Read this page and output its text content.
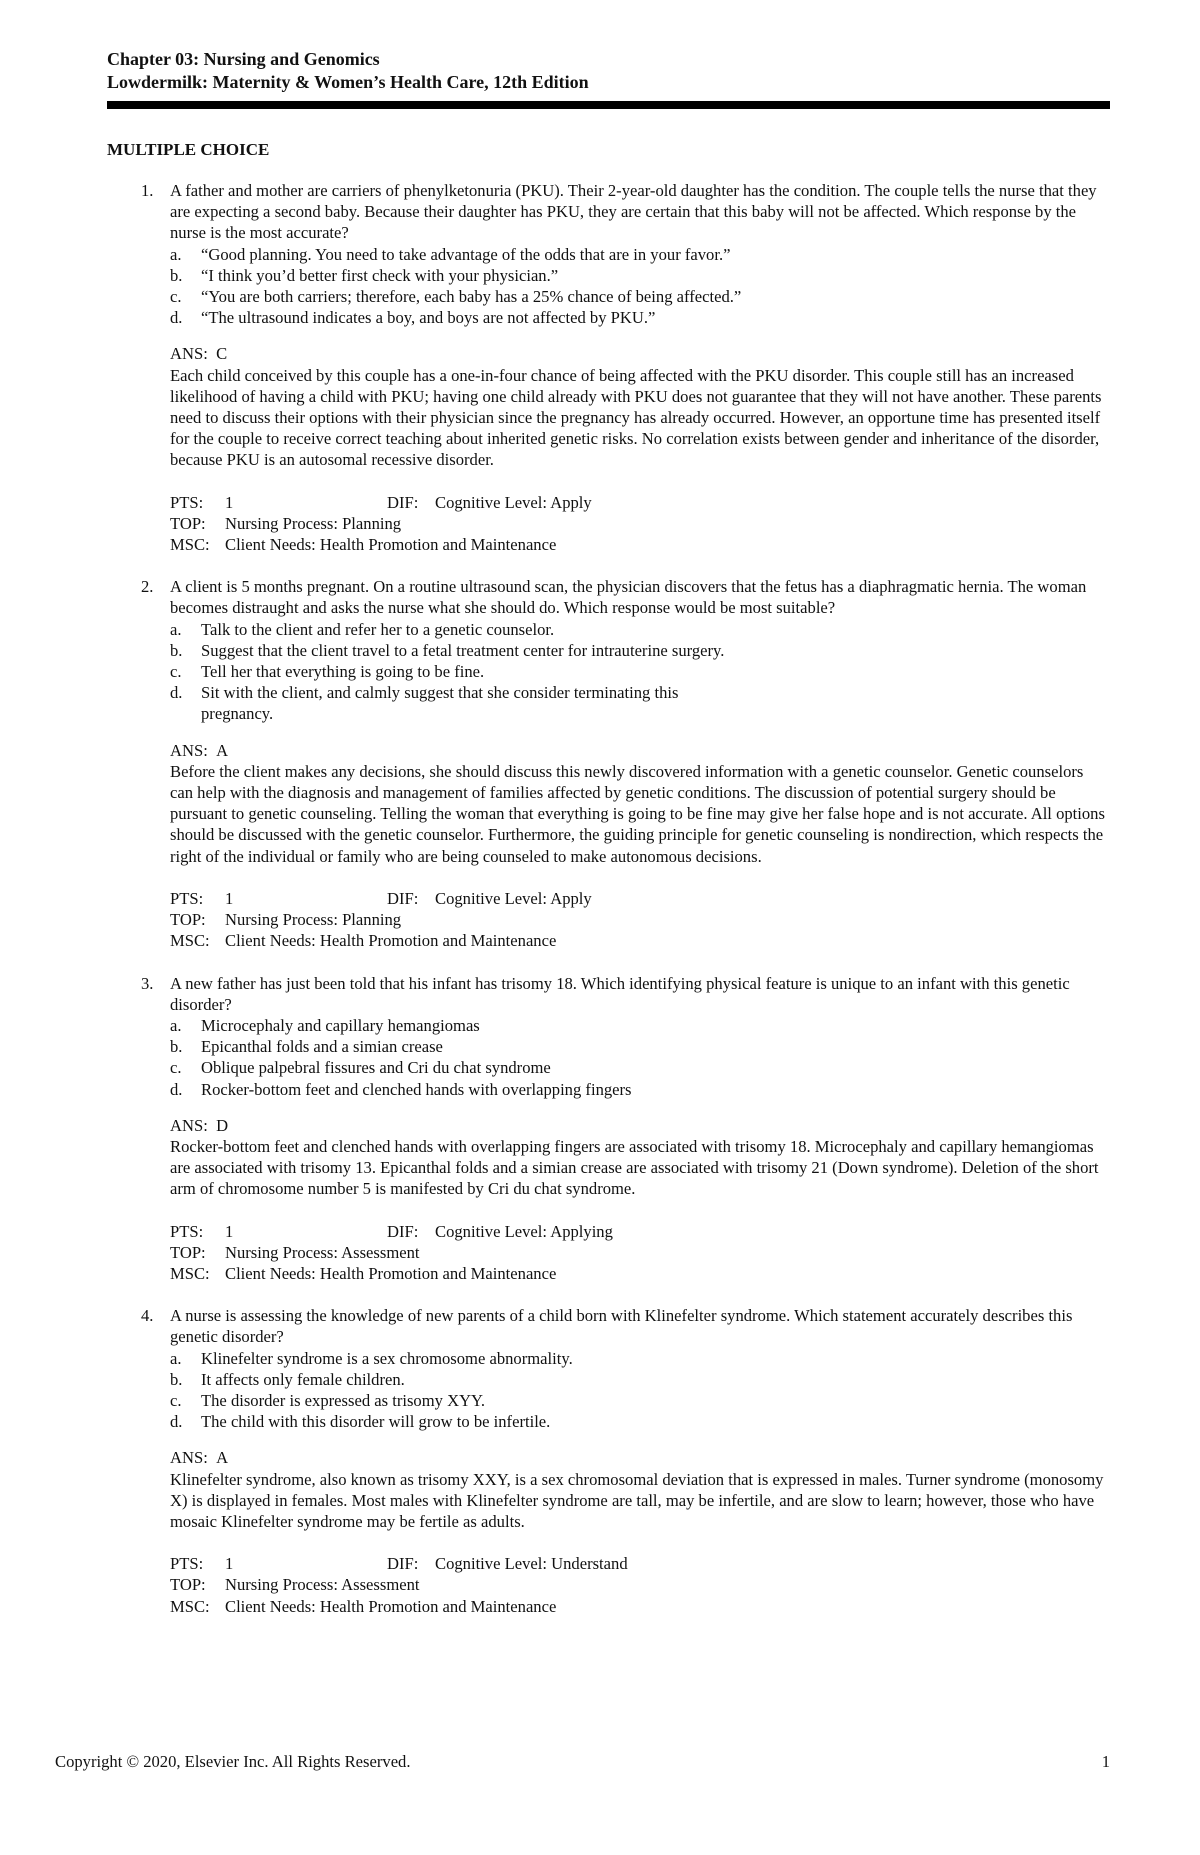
Chapter 03: Nursing and Genomics
Lowdermilk: Maternity & Women’s Health Care, 12th Edition
MULTIPLE CHOICE
1. A father and mother are carriers of phenylketonuria (PKU). Their 2-year-old daughter has the condition. The couple tells the nurse that they are expecting a second baby. Because their daughter has PKU, they are certain that this baby will not be affected. Which response by the nurse is the most accurate?
a. “Good planning. You need to take advantage of the odds that are in your favor.”
b. “I think you’d better first check with your physician.”
c. “You are both carriers; therefore, each baby has a 25% chance of being affected.”
d. “The ultrasound indicates a boy, and boys are not affected by PKU.”
ANS: C
Each child conceived by this couple has a one-in-four chance of being affected with the PKU disorder. This couple still has an increased likelihood of having a child with PKU; having one child already with PKU does not guarantee that they will not have another. These parents need to discuss their options with their physician since the pregnancy has already occurred. However, an opportune time has presented itself for the couple to receive correct teaching about inherited genetic risks. No correlation exists between gender and inheritance of the disorder, because PKU is an autosomal recessive disorder.
PTS:	1	DIF:	Cognitive Level: Apply
TOP:	Nursing Process: Planning
MSC: Client Needs: Health Promotion and Maintenance
2. A client is 5 months pregnant. On a routine ultrasound scan, the physician discovers that the fetus has a diaphragmatic hernia. The woman becomes distraught and asks the nurse what she should do. Which response would be most suitable?
a. Talk to the client and refer her to a genetic counselor.
b. Suggest that the client travel to a fetal treatment center for intrauterine surgery.
c. Tell her that everything is going to be fine.
d. Sit with the client, and calmly suggest that she consider terminating this pregnancy.
ANS: A
Before the client makes any decisions, she should discuss this newly discovered information with a genetic counselor. Genetic counselors can help with the diagnosis and management of families affected by genetic conditions. The discussion of potential surgery should be pursuant to genetic counseling. Telling the woman that everything is going to be fine may give her false hope and is not accurate. All options should be discussed with the genetic counselor. Furthermore, the guiding principle for genetic counseling is nondirection, which respects the right of the individual or family who are being counseled to make autonomous decisions.
PTS:	1	DIF:	Cognitive Level: Apply
TOP:	Nursing Process: Planning
MSC: Client Needs: Health Promotion and Maintenance
3. A new father has just been told that his infant has trisomy 18. Which identifying physical feature is unique to an infant with this genetic disorder?
a. Microcephaly and capillary hemangiomas
b. Epicanthal folds and a simian crease
c. Oblique palpebral fissures and Cri du chat syndrome
d. Rocker-bottom feet and clenched hands with overlapping fingers
ANS: D
Rocker-bottom feet and clenched hands with overlapping fingers are associated with trisomy 18. Microcephaly and capillary hemangiomas are associated with trisomy 13. Epicanthal folds and a simian crease are associated with trisomy 21 (Down syndrome). Deletion of the short arm of chromosome number 5 is manifested by Cri du chat syndrome.
PTS:	1	DIF:	Cognitive Level: Applying
TOP:	Nursing Process: Assessment
MSC: Client Needs: Health Promotion and Maintenance
4. A nurse is assessing the knowledge of new parents of a child born with Klinefelter syndrome. Which statement accurately describes this genetic disorder?
a. Klinefelter syndrome is a sex chromosome abnormality.
b. It affects only female children.
c. The disorder is expressed as trisomy XYY.
d. The child with this disorder will grow to be infertile.
ANS: A
Klinefelter syndrome, also known as trisomy XXY, is a sex chromosomal deviation that is expressed in males. Turner syndrome (monosomy X) is displayed in females. Most males with Klinefelter syndrome are tall, may be infertile, and are slow to learn; however, those who have mosaic Klinefelter syndrome may be fertile as adults.
PTS:	1	DIF:	Cognitive Level: Understand
TOP:	Nursing Process: Assessment
MSC: Client Needs: Health Promotion and Maintenance
Copyright © 2020, Elsevier Inc. All Rights Reserved.	1
